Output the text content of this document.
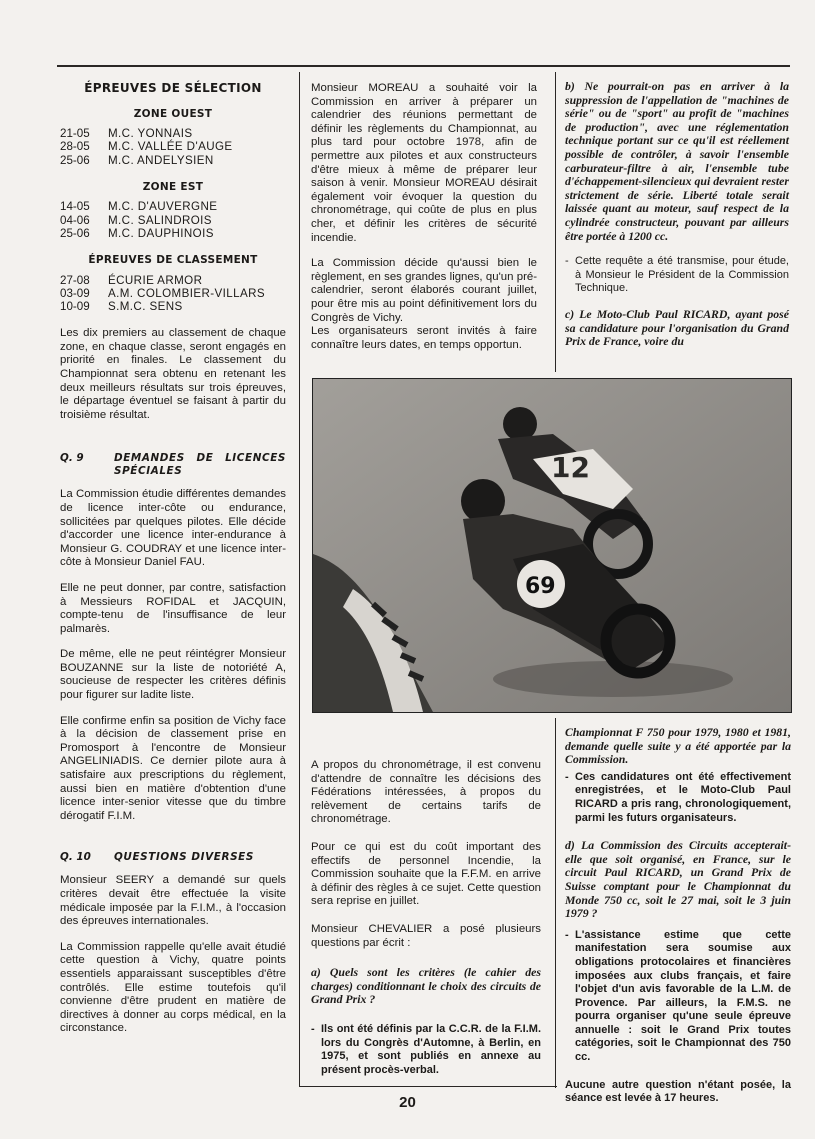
ÉPREUVES DE SÉLECTION
ZONE OUEST
21-05	M.C. YONNAIS
28-05	M.C. VALLÉE D'AUGE
25-06	M.C. ANDELYSIEN
ZONE EST
14-05	M.C. D'AUVERGNE
04-06	M.C. SALINDROIS
25-06	M.C. DAUPHINOIS
ÉPREUVES DE CLASSEMENT
27-08	ÉCURIE ARMOR
03-09	A.M. COLOMBIER-VILLARS
10-09	S.M.C. SENS

Les dix premiers au classement de chaque zone, en chaque classe, seront engagés en priorité en finales. Le classement du Championnat sera obtenu en retenant les deux meilleurs résultats sur trois épreuves, le départage éventuel se faisant à partir du troisième résultat.

Q. 9	DEMANDES DE LICENCES SPÉCIALES

La Commission étudie différentes demandes de licence inter-côte ou endurance, sollicitées par quelques pilotes. Elle décide d'accorder une licence inter-endurance à Monsieur G. COUDRAY et une licence inter-côte à Monsieur Daniel FAU.

Elle ne peut donner, par contre, satisfaction à Messieurs ROFIDAL et JACQUIN, compte-tenu de l'insuffisance de leur palmarès.

De même, elle ne peut réintégrer Monsieur BOUZANNE sur la liste de notoriété A, soucieuse de respecter les critères définis pour figurer sur ladite liste.

Elle confirme enfin sa position de Vichy face à la décision de classement prise en Promosport à l'encontre de Monsieur ANGELINIADIS. Ce dernier pilote aura à satisfaire aux prescriptions du règlement, aussi bien en matière d'obtention d'une licence inter-senior vitesse que du timbre dérogatif F.I.M.

Q. 10	QUESTIONS DIVERSES

Monsieur SEERY a demandé sur quels critères devait être effectuée la visite médicale imposée par la F.I.M., à l'occasion des épreuves internationales.

La Commission rappelle qu'elle avait étudié cette question à Vichy, quatre points essentiels apparaissant susceptibles d'être contrôlés. Elle estime toutefois qu'il convienne d'être prudent en matière de directives à donner au corps médical, en la circonstance.

Monsieur MOREAU a souhaité voir la Commission en arriver à préparer un calendrier des réunions permettant de définir les règlements du Championnat, au plus tard pour octobre 1978, afin de permettre aux pilotes et aux constructeurs d'être mieux à même de préparer leur saison à venir. Monsieur MOREAU désirait également voir évoquer la question du chronométrage, qui coûte de plus en plus cher, et définir les critères de sécurité incendie.

La Commission décide qu'aussi bien le règlement, en ses grandes lignes, qu'un pré-calendrier, seront élaborés courant juillet, pour être mis au point définitivement lors du Congrès de Vichy.

Les organisateurs seront invités à faire connaître leurs dates, en temps opportun.

b) Ne pourrait-on pas en arriver à la suppression de l'appellation de "machines de série" ou de "sport" au profit de "machines de production", avec une réglementation technique portant sur ce qu'il est réellement possible de contrôler, à savoir l'ensemble carburateur-filtre à air, l'ensemble tube d'échappement-silencieux qui devraient rester strictement de série. Liberté totale serait laissée quant au moteur, sauf respect de la cylindrée constructeur, pouvant par ailleurs être portée à 1200 cc.

- Cette requête a été transmise, pour étude, à Monsieur le Président de la Commission Technique.

c) Le Moto-Club Paul RICARD, ayant posé sa candidature pour l'organisation du Grand Prix de France, voire du

12
69

A propos du chronométrage, il est convenu d'attendre de connaître les décisions des Fédérations intéressées, à propos du relèvement de certains tarifs de chronométrage.

Pour ce qui est du coût important des effectifs de personnel Incendie, la Commission souhaite que la F.F.M. en arrive à définir des règles à ce sujet. Cette question sera reprise en juillet.

Monsieur CHEVALIER a posé plusieurs questions par écrit :

a) Quels sont les critères (le cahier des charges) conditionnant le choix des circuits de Grand Prix ?

- Ils ont été définis par la C.C.R. de la F.I.M. lors du Congrès d'Automne, à Berlin, en 1975, et sont publiés en annexe au présent procès-verbal.

Championnat F 750 pour 1979, 1980 et 1981, demande quelle suite y a été apportée par la Commission.

- Ces candidatures ont été effectivement enregistrées, et le Moto-Club Paul RICARD a pris rang, chronologiquement, parmi les futurs organisateurs.

d) La Commission des Circuits accepterait-elle que soit organisé, en France, sur le circuit Paul RICARD, un Grand Prix de Suisse comptant pour le Championnat du Monde 750 cc, soit le 27 mai, soit le 3 juin 1979 ?

- L'assistance estime que cette manifestation sera soumise aux obligations protocolaires et financières imposées aux clubs français, et faire l'objet d'un avis favorable de la L.M. de Provence. Par ailleurs, la F.M.S. ne pourra organiser qu'une seule épreuve annuelle : soit le Grand Prix toutes catégories, soit le Championnat des 750 cc.

Aucune autre question n'étant posée, la séance est levée à 17 heures.

20
